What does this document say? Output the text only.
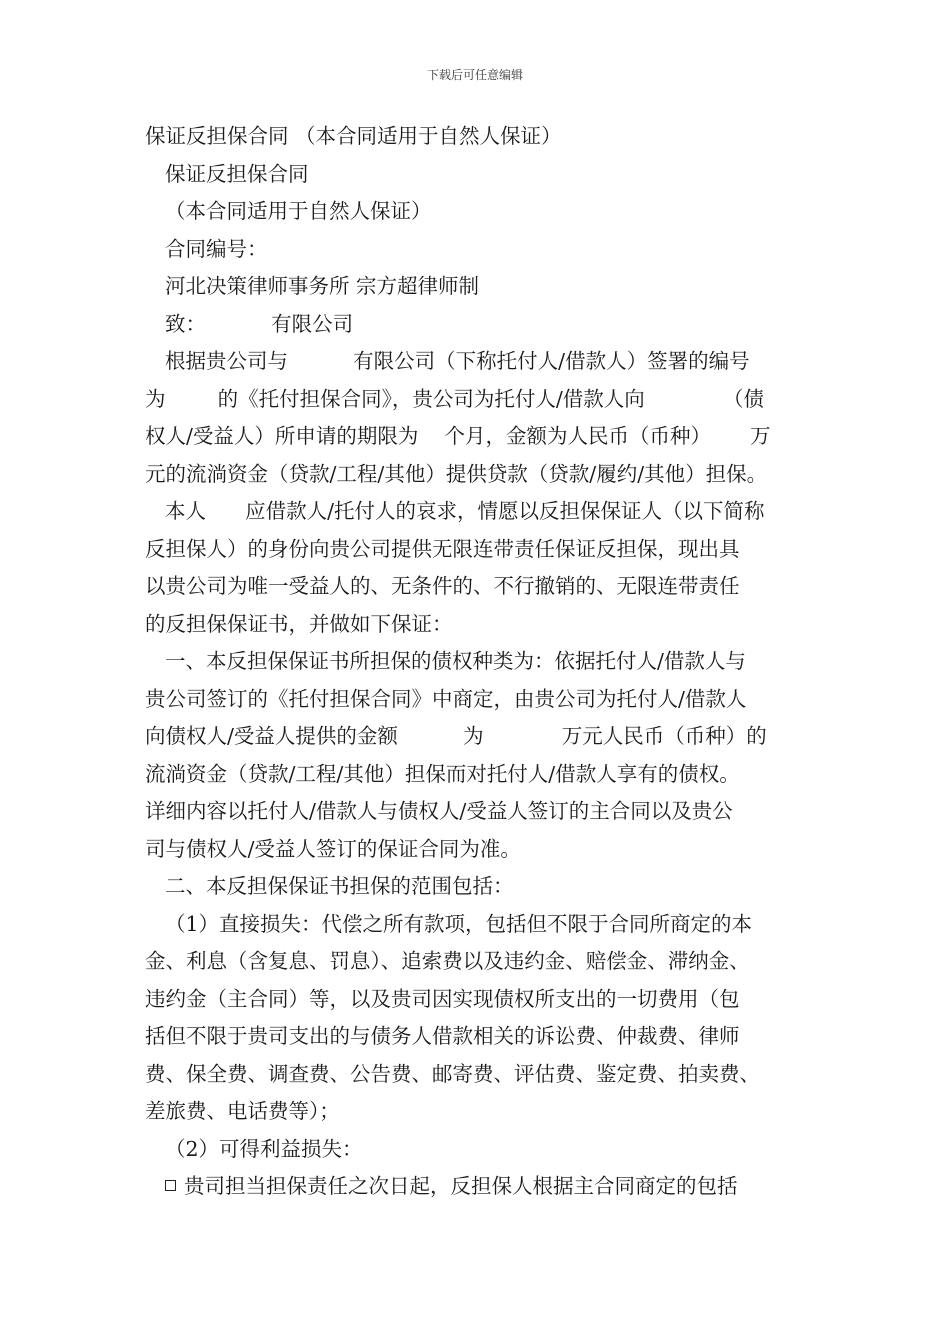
下载后可任意编辑
保证反担保合同 （本合同适用于自然人保证）
保证反担保合同
（本合同适用于自然人保证）
合同编号：
河北决策律师事务所 宗方超律师制
致：          有限公司
根据贵公司与          有限公司（下称托付人/借款人）签署的编号
为        的《托付担保合同》，贵公司为托付人/借款人向            （债
权人/受益人）所申请的期限为    个月，金额为人民币（币种）      万
元的流淌资金（贷款/工程/其他）提供贷款（贷款/履约/其他）担保。
本人      应借款人/托付人的哀求，情愿以反担保保证人（以下简称
反担保人）的身份向贵公司提供无限连带责任保证反担保，现出具
以贵公司为唯一受益人的、无条件的、不行撤销的、无限连带责任
的反担保保证书，并做如下保证：
一、本反担保保证书所担保的债权种类为：依据托付人/借款人与
贵公司签订的《托付担保合同》中商定，由贵公司为托付人/借款人
向债权人/受益人提供的金额          为            万元人民币（币种）的
流淌资金（贷款/工程/其他）担保而对托付人/借款人享有的债权。
详细内容以托付人/借款人与债权人/受益人签订的主合同以及贵公
司与债权人/受益人签订的保证合同为准。
二、本反担保保证书担保的范围包括：
（1）直接损失：代偿之所有款项，包括但不限于合同所商定的本
金、利息（含复息、罚息）、追索费以及违约金、赔偿金、滞纳金、
违约金（主合同）等，以及贵司因实现债权所支出的一切费用（包
括但不限于贵司支出的与债务人借款相关的诉讼费、仲裁费、律师
费、保全费、调查费、公告费、邮寄费、评估费、鉴定费、拍卖费、
差旅费、电话费等）；
（2）可得利益损失：
贵司担当担保责任之次日起，反担保人根据主合同商定的包括
